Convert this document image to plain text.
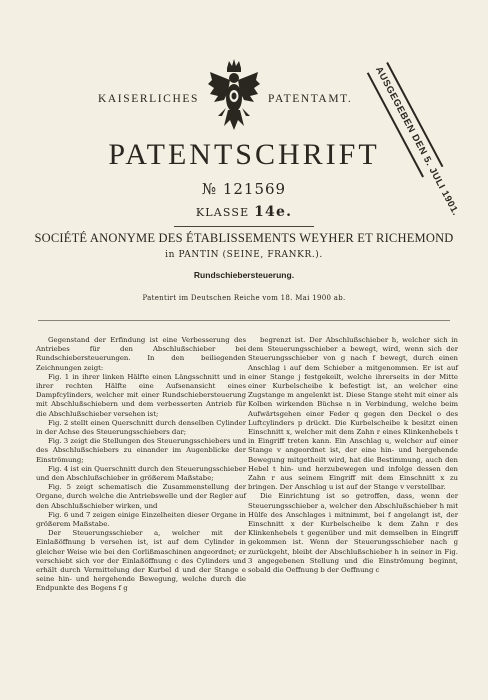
KAISERLICHES	PATENTAMT.	AUSGEGEBEN DEN 5. JULI 1901.
PATENTSCHRIFT
№ 121569
KLASSE 14e.
SOCIÉTÉ ANONYME DES ÉTABLISSEMENTS WEYHER ET RICHEMOND
in PANTIN (SEINE, FRANKR.).
Rundschiebersteuerung.
Patentirt im Deutschen Reiche vom 18. Mai 1900 ab.

Gegenstand der Erfindung ist eine Verbesserung des Antriebes für den Abschlußschieber bei Rundschiebersteuerungen. In den beiliegenden Zeichnungen zeigt:

Fig. 1 in ihrer linken Hälfte einen Längsschnitt und in ihrer rechten Hälfte eine Aufsenansicht eines Dampfcylinders, welcher mit einer Rundschiebersteuerung mit Abschlußschiebern und dem verbesserten Antrieb für die Abschlußschieber versehen ist;

Fig. 2 stellt einen Querschnitt durch denselben Cylinder in der Achse des Steuerungsschiebers dar;

Fig. 3 zeigt die Stellungen des Steuerungsschiebers und des Abschlußschiebers zu einander im Augenblicke der Einströmung;

Fig. 4 ist ein Querschnitt durch den Steuerungsschieber und den Abschlußschieber in größerem Maßstabe;

Fig. 5 zeigt schematisch die Zusammenstellung der Organe, durch welche die Antriebswelle und der Regler auf den Abschlußschieber wirken, und

Fig. 6 und 7 zeigen einige Einzelheiten dieser Organe in größerem Maßstabe.

Der Steuerungsschieber a, welcher mit der Einlaßöffnung b versehen ist, ist auf dem Cylinder in gleicher Weise wie bei den Corlißmaschinen angeordnet; er verschiebt sich vor der Einlaßöffnung c des Cylinders und erhält durch Vermittelung der Kurbel d und der Stange e seine hin- und hergehende Bewegung, welche durch die Endpunkte des Bogens f g

begrenzt ist. Der Abschlußschieber h, welcher sich in dem Steuerungsschieber a bewegt, wird, wenn sich der Steuerungsschieber von g nach f bewegt, durch einen Anschlag i auf dem Schieber a mitgenommen. Er ist auf einer Stange j festgekeilt, welche ihrerseits in der Mitte einer Kurbelscheibe k befestigt ist, an welcher eine Zugstange m angelenkt ist. Diese Stange steht mit einer als Kolben wirkenden Büchse n in Verbindung, welche beim Aufwärtsgehen einer Feder q gegen den Deckel o des Luftcylinders p drückt. Die Kurbelscheibe k besitzt einen Einschnitt x, welcher mit dem Zahn r eines Klinkenhebels t in Eingriff treten kann. Ein Anschlag u, welcher auf einer Stange v angeordnet ist, der eine hin- und hergehende Bewegung mitgetheilt wird, hat die Bestimmung, auch den Hebel t hin- und herzubewegen und infolge dessen den Zahn r aus seinem Eingriff mit dem Einschnitt x zu bringen. Der Anschlag u ist auf der Stange v verstellbar.

Die Einrichtung ist so getroffen, dass, wenn der Steuerungsschieber a, welcher den Abschlußschieber h mit Hülfe des Anschlages i mitnimmt, bei f angelangt ist, der Einschnitt x der Kurbelscheibe k dem Zahn r des Klinkenhebels t gegenüber und mit demselben in Eingriff gekommen ist. Wenn der Steuerungsschieber nach g zurückgeht, bleibt der Abschlußschieber h in seiner in Fig. 3 angegebenen Stellung und die Einströmung beginnt, sobald die Oeffnung b der Oeffnung c
